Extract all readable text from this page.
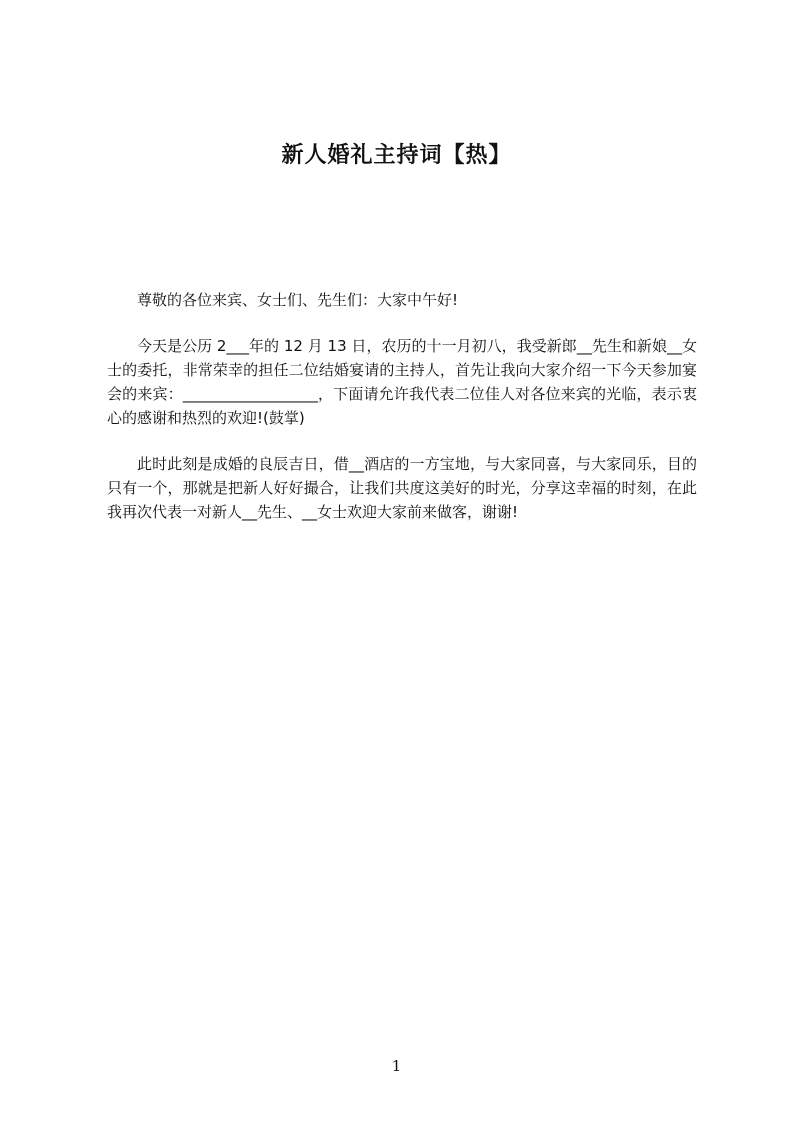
新人婚礼主持词【热】

尊敬的各位来宾、女士们、先生们：大家中午好!

今天是公历 2___年的 12 月 13 日，农历的十一月初八，我受新郎__先生和新娘__女士的委托，非常荣幸的担任二位结婚宴请的主持人，首先让我向大家介绍一下今天参加宴会的来宾：__________________，下面请允许我代表二位佳人对各位来宾的光临，表示衷心的感谢和热烈的欢迎!(鼓掌)

此时此刻是成婚的良辰吉日，借__酒店的一方宝地，与大家同喜，与大家同乐，目的只有一个，那就是把新人好好撮合，让我们共度这美好的时光，分享这幸福的时刻，在此我再次代表一对新人__先生、__女士欢迎大家前来做客，谢谢!

1
